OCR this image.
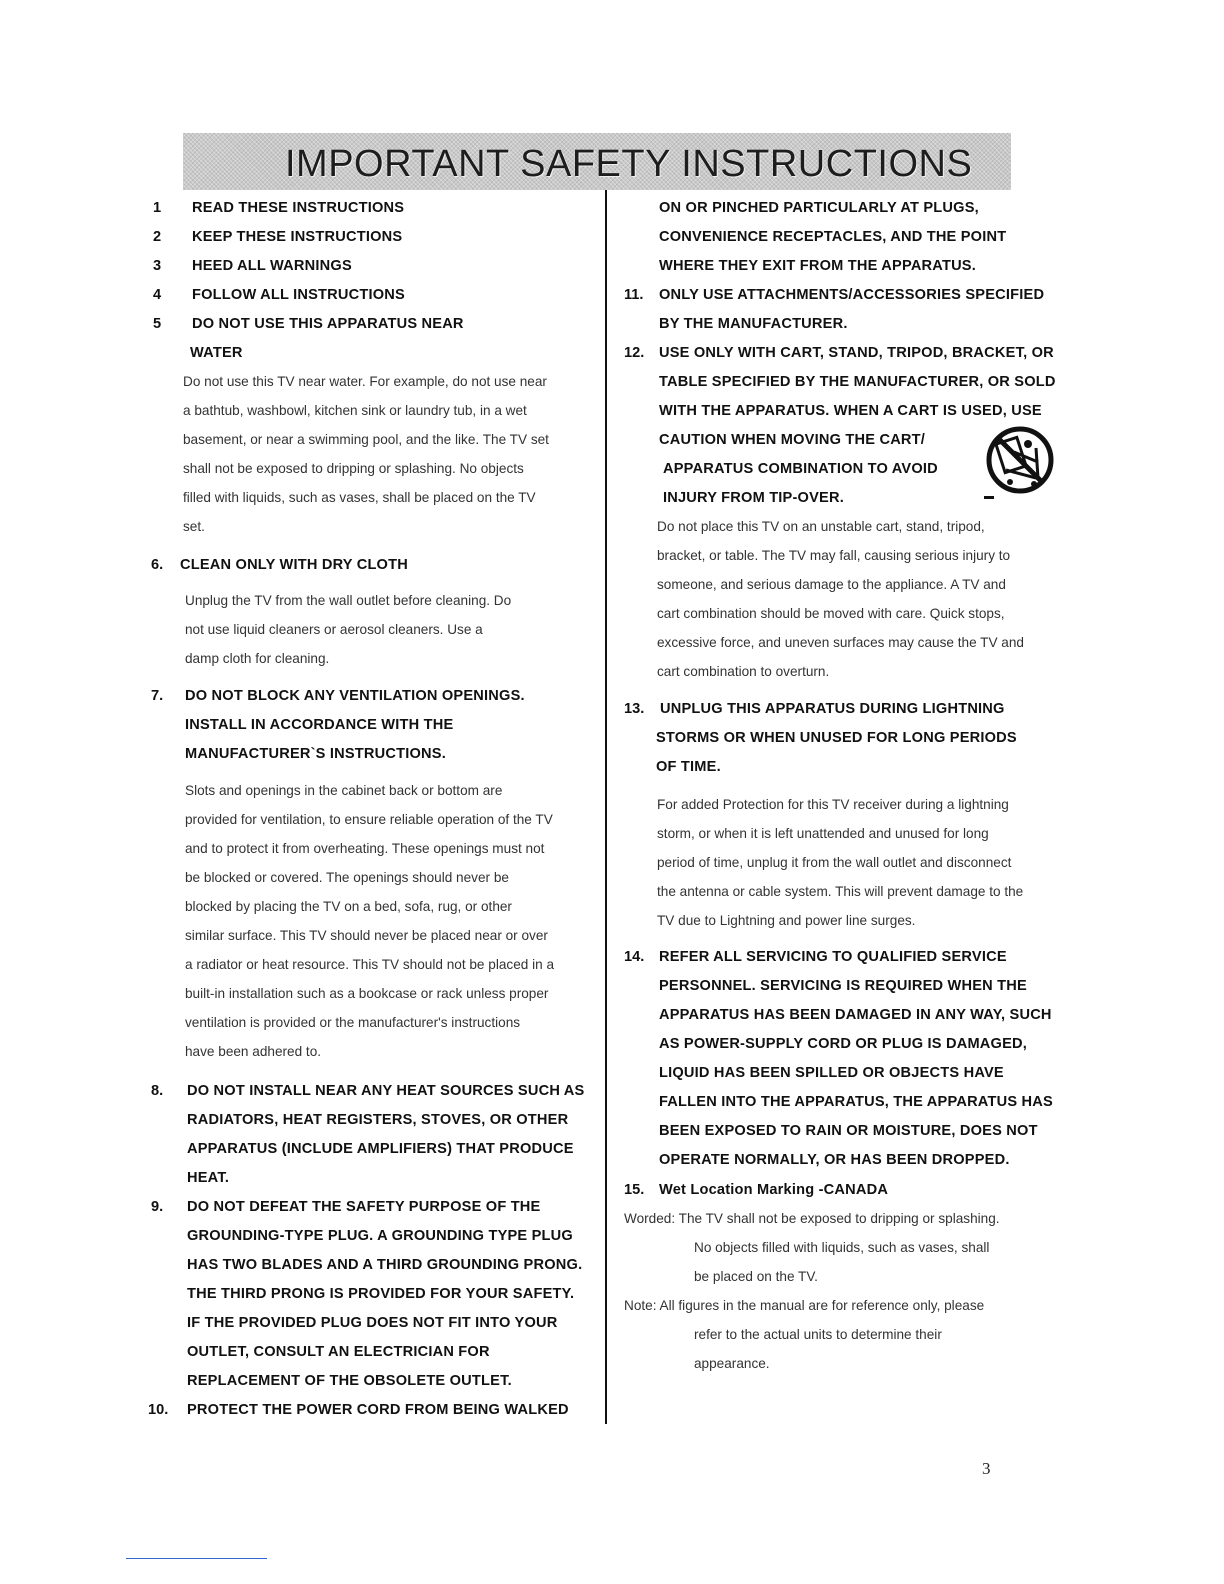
IMPORTANT SAFETY INSTRUCTIONS
1 READ THESE INSTRUCTIONS
2 KEEP THESE INSTRUCTIONS
3 HEED ALL WARNINGS
4 FOLLOW ALL INSTRUCTIONS
5 DO NOT USE THIS APPARATUS NEAR
WATER
Do not use this TV near water. For example, do not use near
a bathtub, washbowl, kitchen sink or laundry tub, in a wet
basement, or near a swimming pool, and the like. The TV set
shall not be exposed to dripping or splashing. No objects
filled with liquids, such as vases, shall be placed on the TV
set.
6. CLEAN ONLY WITH DRY CLOTH
Unplug the TV from the wall outlet before cleaning. Do
not use liquid cleaners or aerosol cleaners. Use a
damp cloth for cleaning.
7. DO NOT BLOCK ANY VENTILATION OPENINGS.
INSTALL IN ACCORDANCE WITH THE
MANUFACTURER`S INSTRUCTIONS.
Slots and openings in the cabinet back or bottom are
provided for ventilation, to ensure reliable operation of the TV
and to protect it from overheating. These openings must not
be blocked or covered. The openings should never be
blocked by placing the TV on a bed, sofa, rug, or other
similar surface. This TV should never be placed near or over
a radiator or heat resource. This TV should not be placed in a
built-in installation such as a bookcase or rack unless proper
ventilation is provided or the manufacturer's instructions
have been adhered to.
8. DO NOT INSTALL NEAR ANY HEAT SOURCES SUCH AS
RADIATORS, HEAT REGISTERS, STOVES, OR OTHER
APPARATUS (INCLUDE AMPLIFIERS) THAT PRODUCE
HEAT.
9. DO NOT DEFEAT THE SAFETY PURPOSE OF THE
GROUNDING-TYPE PLUG. A GROUNDING TYPE PLUG
HAS TWO BLADES AND A THIRD GROUNDING PRONG.
THE THIRD PRONG IS PROVIDED FOR YOUR SAFETY.
IF THE PROVIDED PLUG DOES NOT FIT INTO YOUR
OUTLET, CONSULT AN ELECTRICIAN FOR
REPLACEMENT OF THE OBSOLETE OUTLET.
10. PROTECT THE POWER CORD FROM BEING WALKED
ON OR PINCHED PARTICULARLY AT PLUGS,
CONVENIENCE RECEPTACLES, AND THE POINT
WHERE THEY EXIT FROM THE APPARATUS.
11. ONLY USE ATTACHMENTS/ACCESSORIES SPECIFIED
BY THE MANUFACTURER.
12. USE ONLY WITH CART, STAND, TRIPOD, BRACKET, OR
TABLE SPECIFIED BY THE MANUFACTURER, OR SOLD
WITH THE APPARATUS. WHEN A CART IS USED, USE
CAUTION WHEN MOVING THE CART/
APPARATUS COMBINATION TO AVOID
INJURY FROM TIP-OVER.
Do not place this TV on an unstable cart, stand, tripod,
bracket, or table. The TV may fall, causing serious injury to
someone, and serious damage to the appliance. A TV and
cart combination should be moved with care. Quick stops,
excessive force, and uneven surfaces may cause the TV and
cart combination to overturn.
13. UNPLUG THIS APPARATUS DURING LIGHTNING
STORMS OR WHEN UNUSED FOR LONG PERIODS
OF TIME.
For added Protection for this TV receiver during a lightning
storm, or when it is left unattended and unused for long
period of time, unplug it from the wall outlet and disconnect
the antenna or cable system. This will prevent damage to the
TV due to Lightning and power line surges.
14. REFER ALL SERVICING TO QUALIFIED SERVICE
PERSONNEL. SERVICING IS REQUIRED WHEN THE
APPARATUS HAS BEEN DAMAGED IN ANY WAY, SUCH
AS POWER-SUPPLY CORD OR PLUG IS DAMAGED,
LIQUID HAS BEEN SPILLED OR OBJECTS HAVE
FALLEN INTO THE APPARATUS, THE APPARATUS HAS
BEEN EXPOSED TO RAIN OR MOISTURE, DOES NOT
OPERATE NORMALLY, OR HAS BEEN DROPPED.
15. Wet Location Marking -CANADA
Worded: The TV shall not be exposed to dripping or splashing.
No objects filled with liquids, such as vases, shall
be placed on the TV.
Note: All figures in the manual are for reference only, please
refer to the actual units to determine their
appearance.
3
